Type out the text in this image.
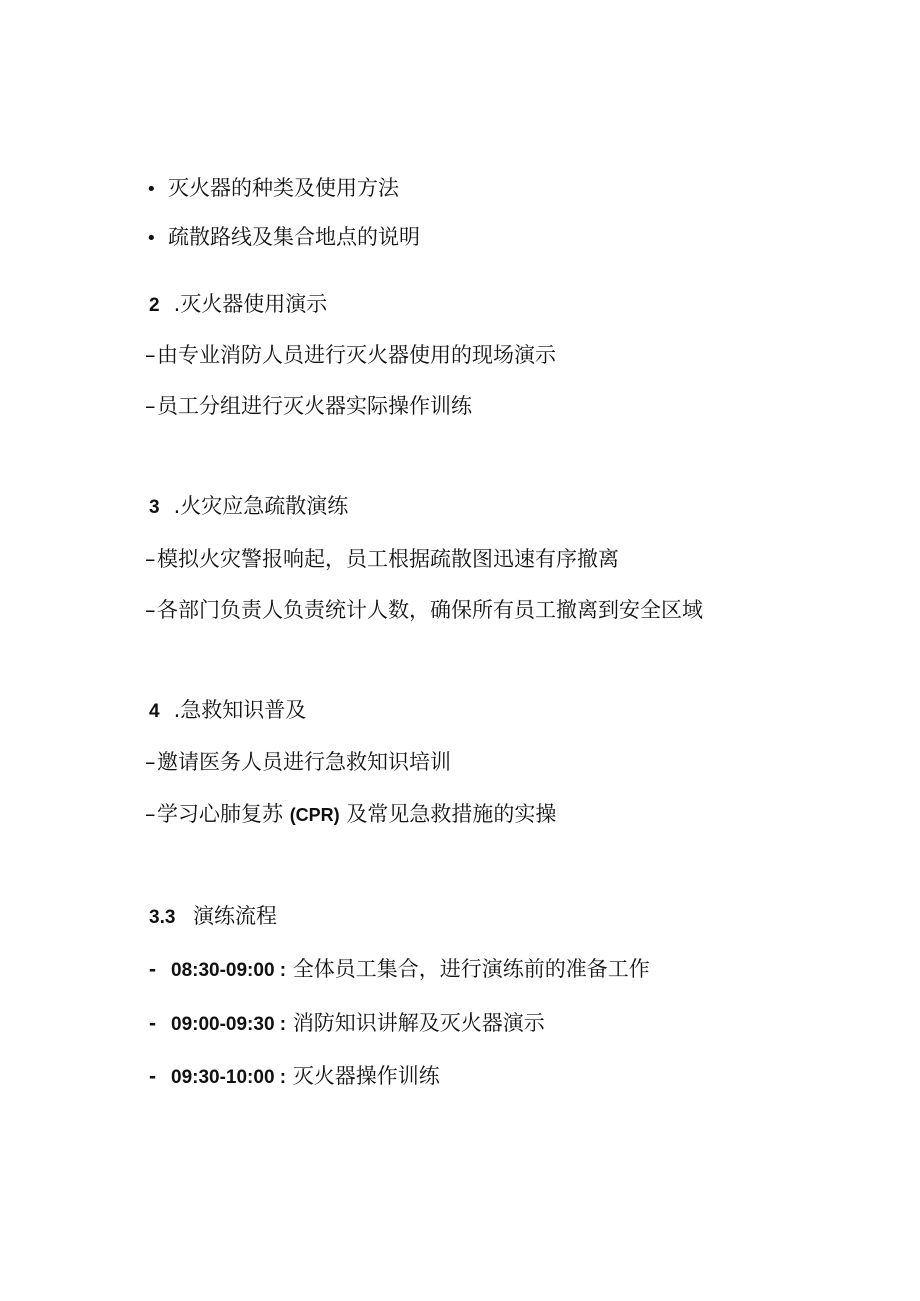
• 灭火器的种类及使用方法
• 疏散路线及集合地点的说明
2 .灭火器使用演示
–由专业消防人员进行灭火器使用的现场演示
–员工分组进行灭火器实际操作训练
3 .火灾应急疏散演练
–模拟火灾警报响起，员工根据疏散图迅速有序撤离
–各部门负责人负责统计人数，确保所有员工撤离到安全区域
4 .急救知识普及
–邀请医务人员进行急救知识培训
–学习心肺复苏 (CPR) 及常见急救措施的实操
3.3 演练流程
- 08:30-09:00 : 全体员工集合，进行演练前的准备工作
- 09:00-09:30 : 消防知识讲解及灭火器演示
- 09:30-10:00 : 灭火器操作训练
